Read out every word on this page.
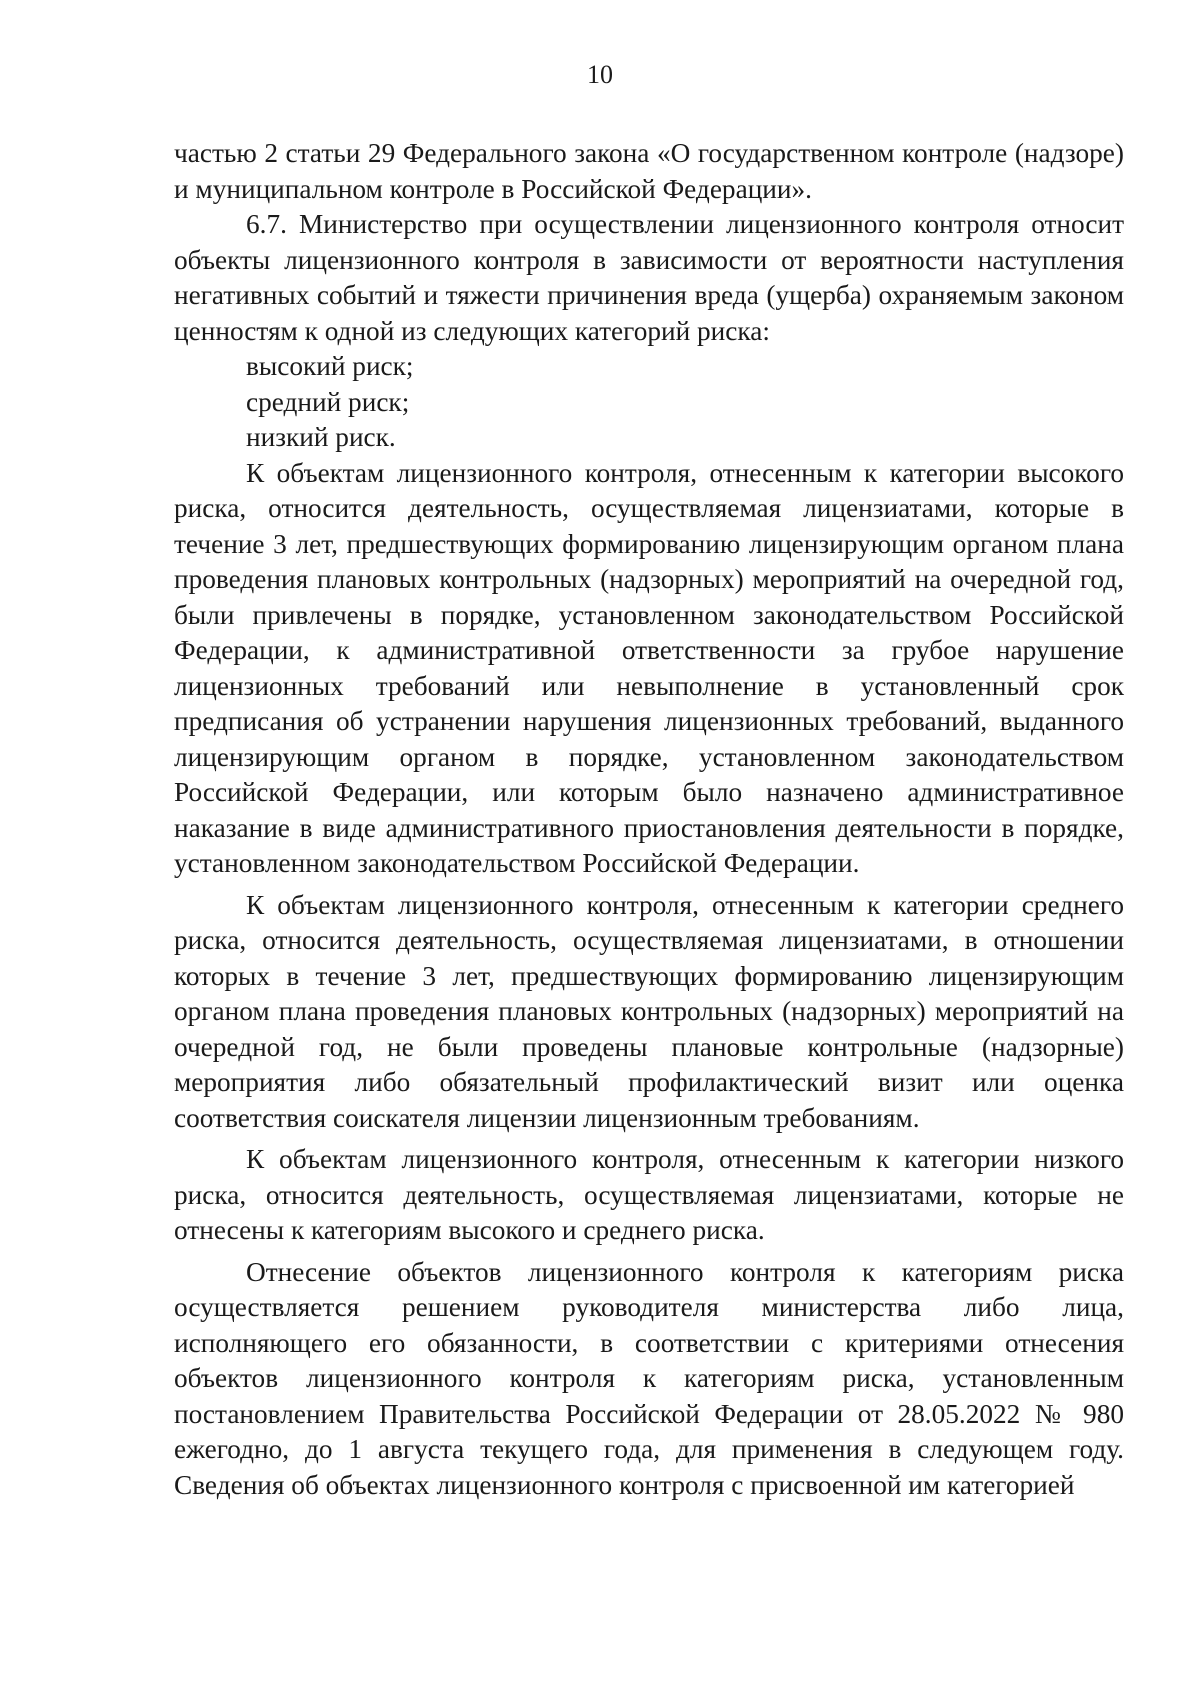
10

частью 2 статьи 29 Федерального закона «О государственном контроле (надзоре) и муниципальном контроле в Российской Федерации».

6.7. Министерство при осуществлении лицензионного контроля относит объекты лицензионного контроля в зависимости от вероятности наступления негативных событий и тяжести причинения вреда (ущерба) охраняемым законом ценностям к одной из следующих категорий риска:

высокий риск;

средний риск;

низкий риск.

К объектам лицензионного контроля, отнесенным к категории высокого риска, относится деятельность, осуществляемая лицензиатами, которые в течение 3 лет, предшествующих формированию лицензирующим органом плана проведения плановых контрольных (надзорных) мероприятий на очередной год, были привлечены в порядке, установленном законодательством Российской Федерации, к административной ответственности за грубое нарушение лицензионных требований или невыполнение в установленный срок предписания об устранении нарушения лицензионных требований, выданного лицензирующим органом в порядке, установленном законодательством Российской Федерации, или которым было назначено административное наказание в виде административного приостановления деятельности в порядке, установленном законодательством Российской Федерации.

К объектам лицензионного контроля, отнесенным к категории среднего риска, относится деятельность, осуществляемая лицензиатами, в отношении которых в течение 3 лет, предшествующих формированию лицензирующим органом плана проведения плановых контрольных (надзорных) мероприятий на очередной год, не были проведены плановые контрольные (надзорные) мероприятия либо обязательный профилактический визит или оценка соответствия соискателя лицензии лицензионным требованиям.

К объектам лицензионного контроля, отнесенным к категории низкого риска, относится деятельность, осуществляемая лицензиатами, которые не отнесены к категориям высокого и среднего риска.

Отнесение объектов лицензионного контроля к категориям риска осуществляется решением руководителя министерства либо лица, исполняющего его обязанности, в соответствии с критериями отнесения объектов лицензионного контроля к категориям риска, установленным постановлением Правительства Российской Федерации от 28.05.2022 № 980 ежегодно, до 1 августа текущего года, для применения в следующем году. Сведения об объектах лицензионного контроля с присвоенной им категорией
